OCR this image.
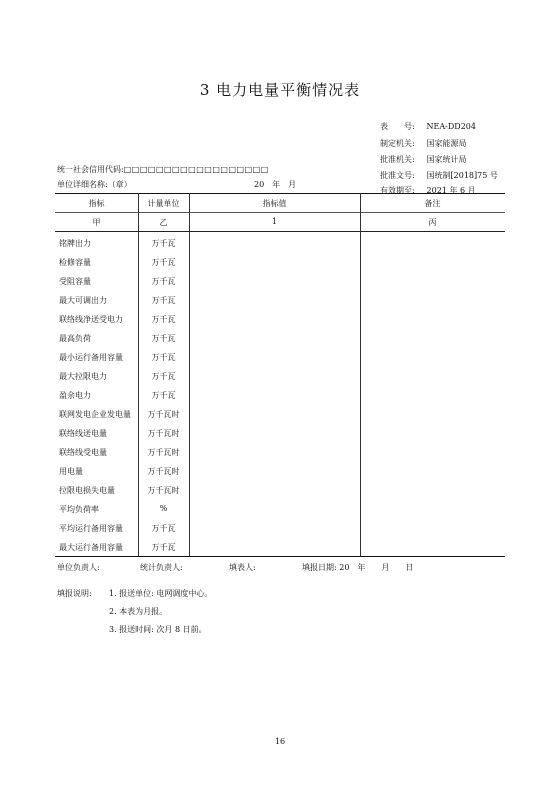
3 电力电量平衡情况表
表　　号: NEA-DD204
制定机关: 国家能源局
批准机关: 国家统计局
批准文号: 国统制[2018]75 号
有效期至: 2021 年 6 月
统一社会信用代码:□□□□□□□□□□□□□□□□□□
单位详细名称:（章）	20　年　月
指标	计量单位	指标值	备注
甲	乙	1	丙
铭牌出力	万千瓦
检修容量	万千瓦
受阻容量	万千瓦
最大可调出力	万千瓦
联络线净送受电力	万千瓦
最高负荷	万千瓦
最小运行备用容量	万千瓦
最大拉限电力	万千瓦
盈余电力	万千瓦
联网发电企业发电量	万千瓦时
联络线送电量	万千瓦时
联络线受电量	万千瓦时
用电量	万千瓦时
拉限电损失电量	万千瓦时
平均负荷率	%
平均运行备用容量	万千瓦
最大运行备用容量	万千瓦
单位负责人:	统计负责人:	填表人:	填报日期: 20　年　　月　　日
填报说明: 1. 报送单位: 电网调度中心。
2. 本表为月报。
3. 报送时间: 次月 8 日前。
16
